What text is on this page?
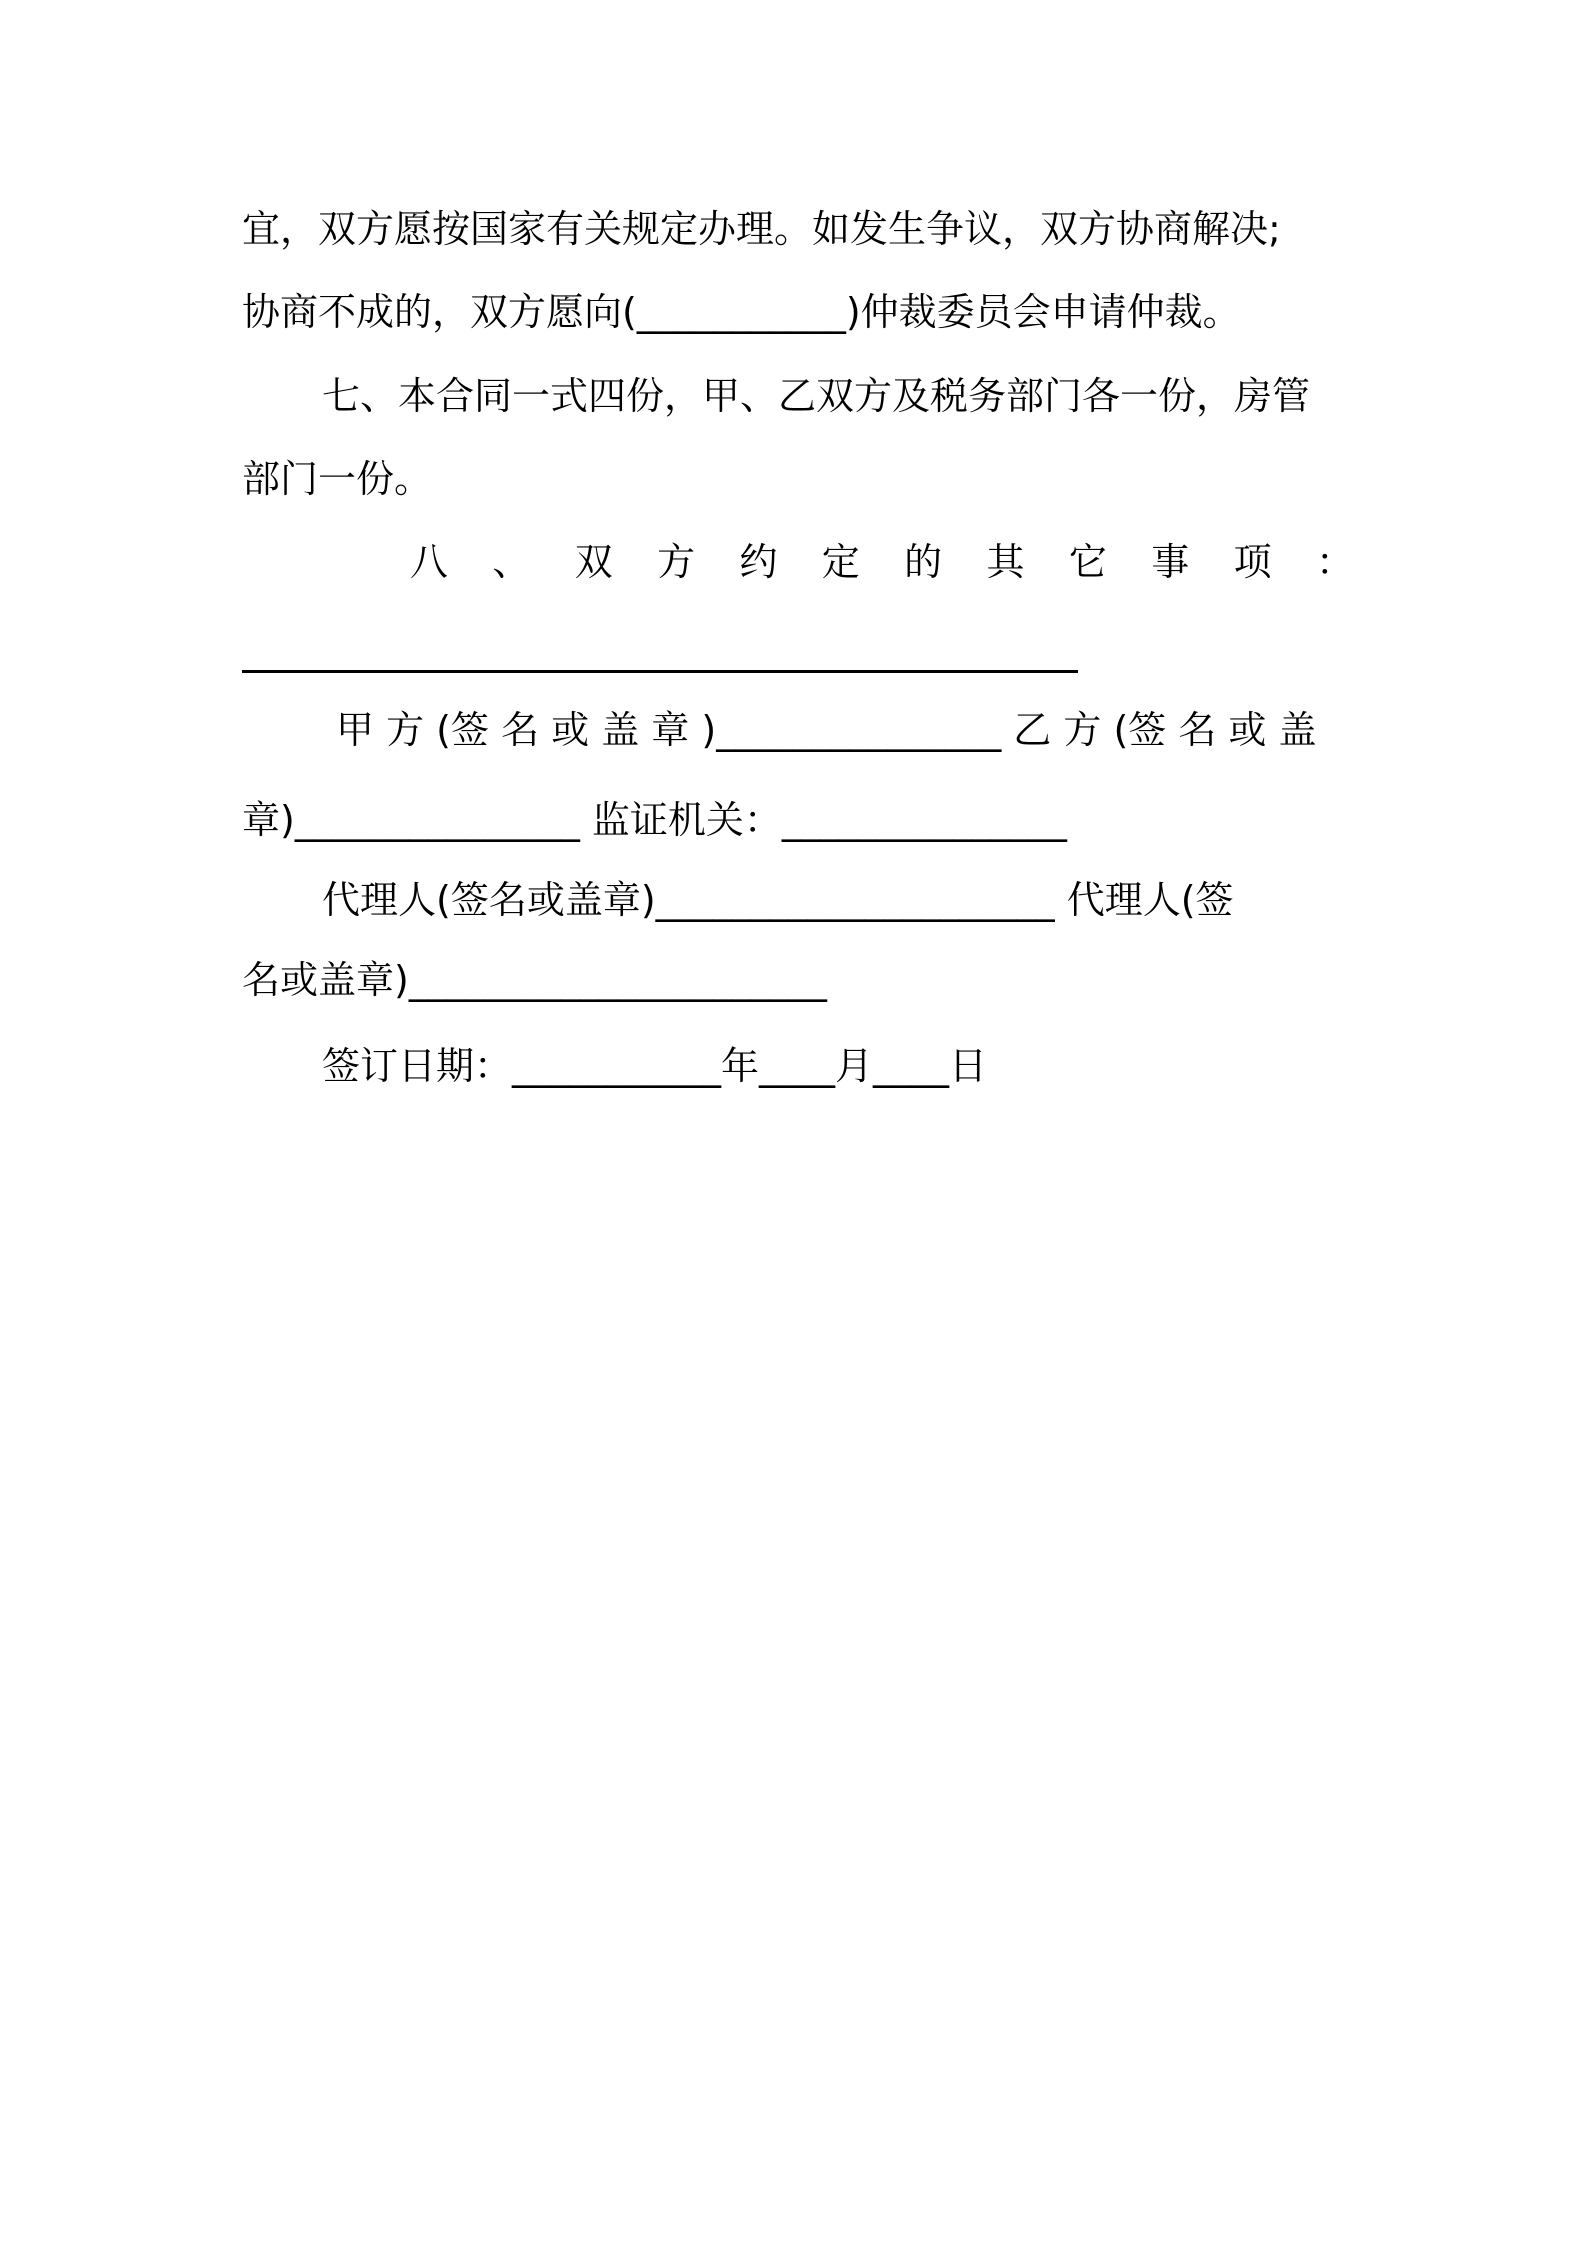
宜，双方愿按国家有关规定办理。如发生争议，双方协商解决;
协商不成的，双方愿向(___________)仲裁委员会申请仲裁。
七、本合同一式四份，甲、乙双方及税务部门各一份，房管
部门一份。
八 、 双 方 约 定 的 其 它 事 项 ：
甲 方 (签 名 或 盖 章 )_______________ 乙 方 (签 名 或 盖
章)_______________ 监证机关：_______________
代理人(签名或盖章)_____________________ 代理人(签
名或盖章)______________________
签订日期：___________年____月____日
